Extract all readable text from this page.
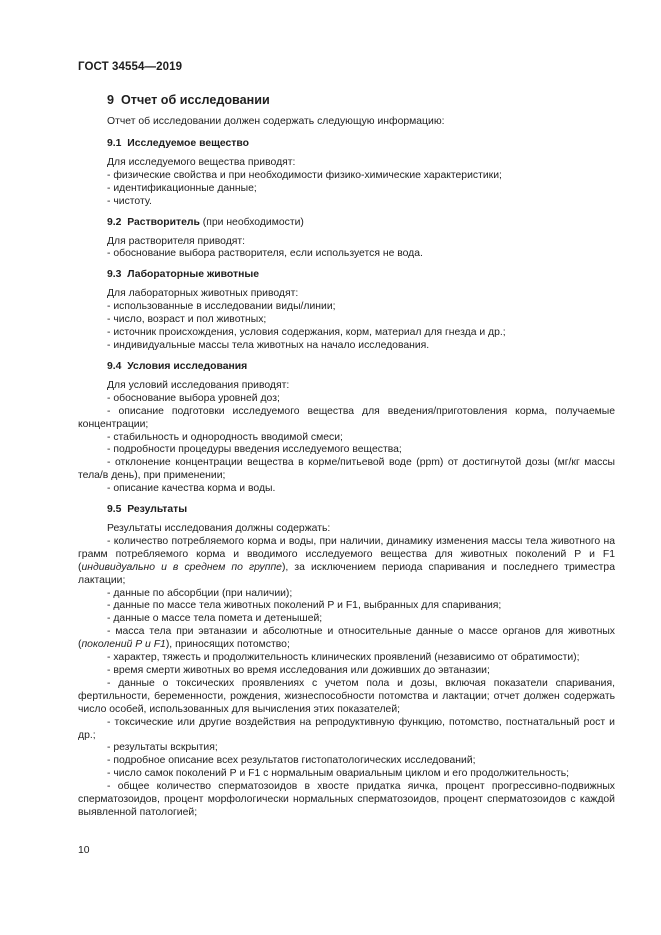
ГОСТ 34554—2019
9 Отчет об исследовании

Отчет об исследовании должен содержать следующую информацию:

9.1 Исследуемое вещество

Для исследуемого вещества приводят:

- физические свойства и при необходимости физико-химические характеристики;
- идентификационные данные;
- чистоту.
9.2 Растворитель (при необходимости)

Для растворителя приводят:

- обоснование выбора растворителя, если используется не вода.
9.3 Лабораторные животные

Для лабораторных животных приводят:

- использованные в исследовании виды/линии;
- число, возраст и пол животных;
- источник происхождения, условия содержания, корм, материал для гнезда и др.;
- индивидуальные массы тела животных на начало исследования.
9.4 Условия исследования

Для условий исследования приводят:

- обоснование выбора уровней доз;
- описание подготовки исследуемого вещества для введения/приготовления корма, получаемые концентрации;
- стабильность и однородность вводимой смеси;
- подробности процедуры введения исследуемого вещества;
- отклонение концентрации вещества в корме/питьевой воде (ppm) от достигнутой дозы (мг/кг массы тела/в день), при применении;
- описание качества корма и воды.
9.5 Результаты

Результаты исследования должны содержать:

- количество потребляемого корма и воды, при наличии, динамику изменения массы тела животного на грамм потребляемого корма и вводимого исследуемого вещества для животных поколений Р и F1 (индивидуально и в среднем по группе), за исключением периода спаривания и последнего триместра лактации;
- данные по абсорбции (при наличии);
- данные по массе тела животных поколений Р и F1, выбранных для спаривания;
- данные о массе тела помета и детенышей;
- масса тела при эвтаназии и абсолютные и относительные данные о массе органов для животных (поколений Р и F1), приносящих потомство;
- характер, тяжесть и продолжительность клинических проявлений (независимо от обратимости);
- время смерти животных во время исследования или доживших до эвтаназии;
- данные о токсических проявлениях с учетом пола и дозы, включая показатели спаривания, фертильности, беременности, рождения, жизнеспособности потомства и лактации; отчет должен содержать число особей, использованных для вычисления этих показателей;
- токсические или другие воздействия на репродуктивную функцию, потомство, постнатальный рост и др.;
- результаты вскрытия;
- подробное описание всех результатов гистопатологических исследований;
- число самок поколений Р и F1 с нормальным овариальным циклом и его продолжительность;
- общее количество сперматозоидов в хвосте придатка яичка, процент прогрессивно-подвижных сперматозоидов, процент морфологически нормальных сперматозоидов, процент сперматозоидов с каждой выявленной патологией;
10
